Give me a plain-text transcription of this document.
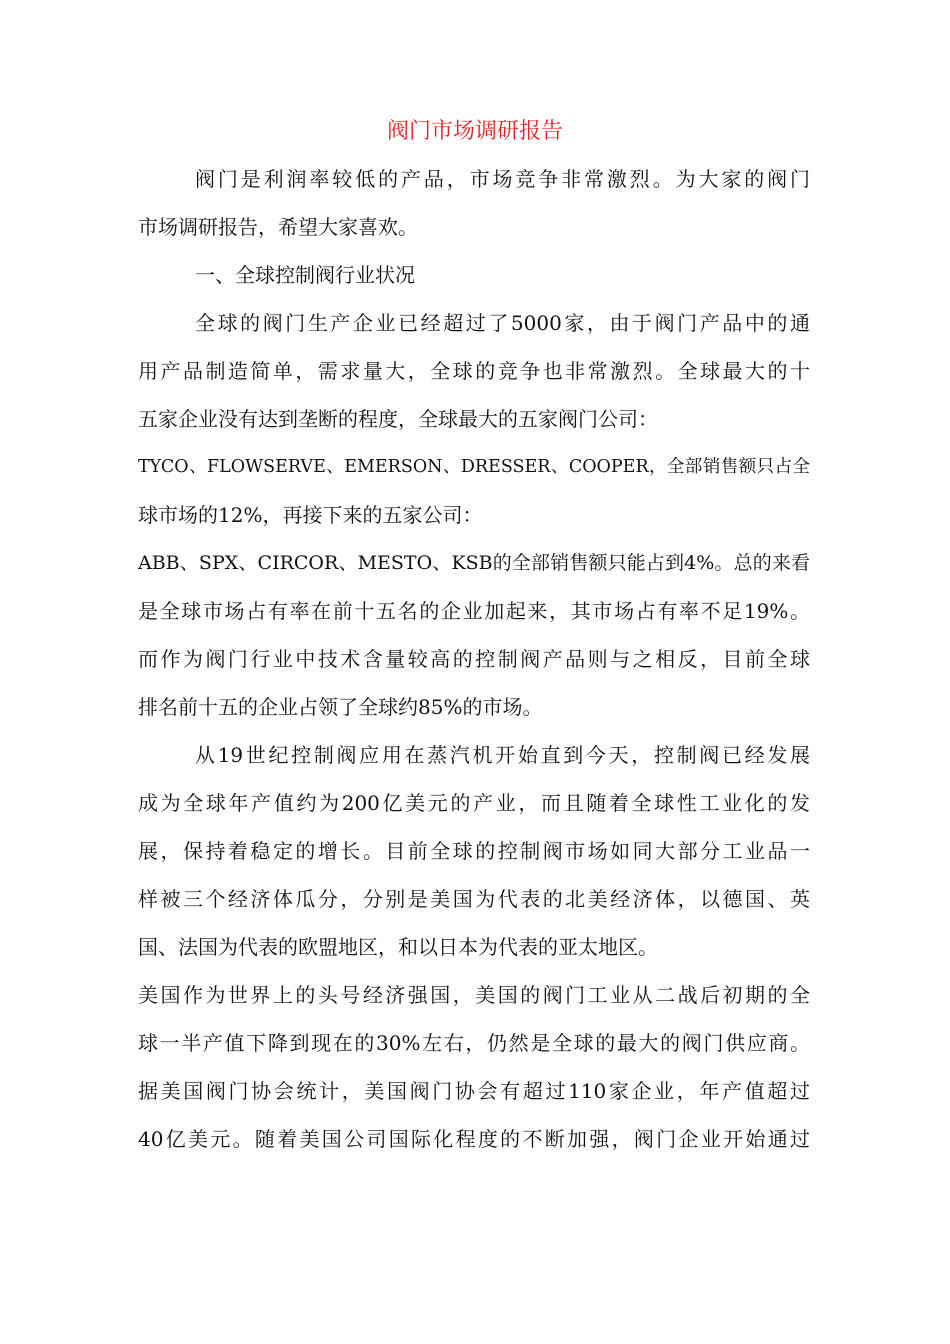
阀门市场调研报告
阀门是利润率较低的产品，市场竞争非常激烈。为大家的阀门
市场调研报告，希望大家喜欢。
一、全球控制阀行业状况
全球的阀门生产企业已经超过了5000家，由于阀门产品中的通
用产品制造简单，需求量大，全球的竞争也非常激烈。全球最大的十
五家企业没有达到垄断的程度，全球最大的五家阀门公司：
TYCO、FLOWSERVE、EMERSON、DRESSER、COOPER，全部销售额只占全
球市场的12%，再接下来的五家公司：
ABB、SPX、CIRCOR、MESTO、KSB的全部销售额只能占到4%。总的来看
是全球市场占有率在前十五名的企业加起来，其市场占有率不足19%。
而作为阀门行业中技术含量较高的控制阀产品则与之相反，目前全球
排名前十五的企业占领了全球约85%的市场。
从19世纪控制阀应用在蒸汽机开始直到今天，控制阀已经发展
成为全球年产值约为200亿美元的产业，而且随着全球性工业化的发
展，保持着稳定的增长。目前全球的控制阀市场如同大部分工业品一
样被三个经济体瓜分，分别是美国为代表的北美经济体，以德国、英
国、法国为代表的欧盟地区，和以日本为代表的亚太地区。
美国作为世界上的头号经济强国，美国的阀门工业从二战后初期的全
球一半产值下降到现在的30%左右，仍然是全球的最大的阀门供应商。
据美国阀门协会统计，美国阀门协会有超过110家企业，年产值超过
40亿美元。随着美国公司国际化程度的不断加强，阀门企业开始通过
